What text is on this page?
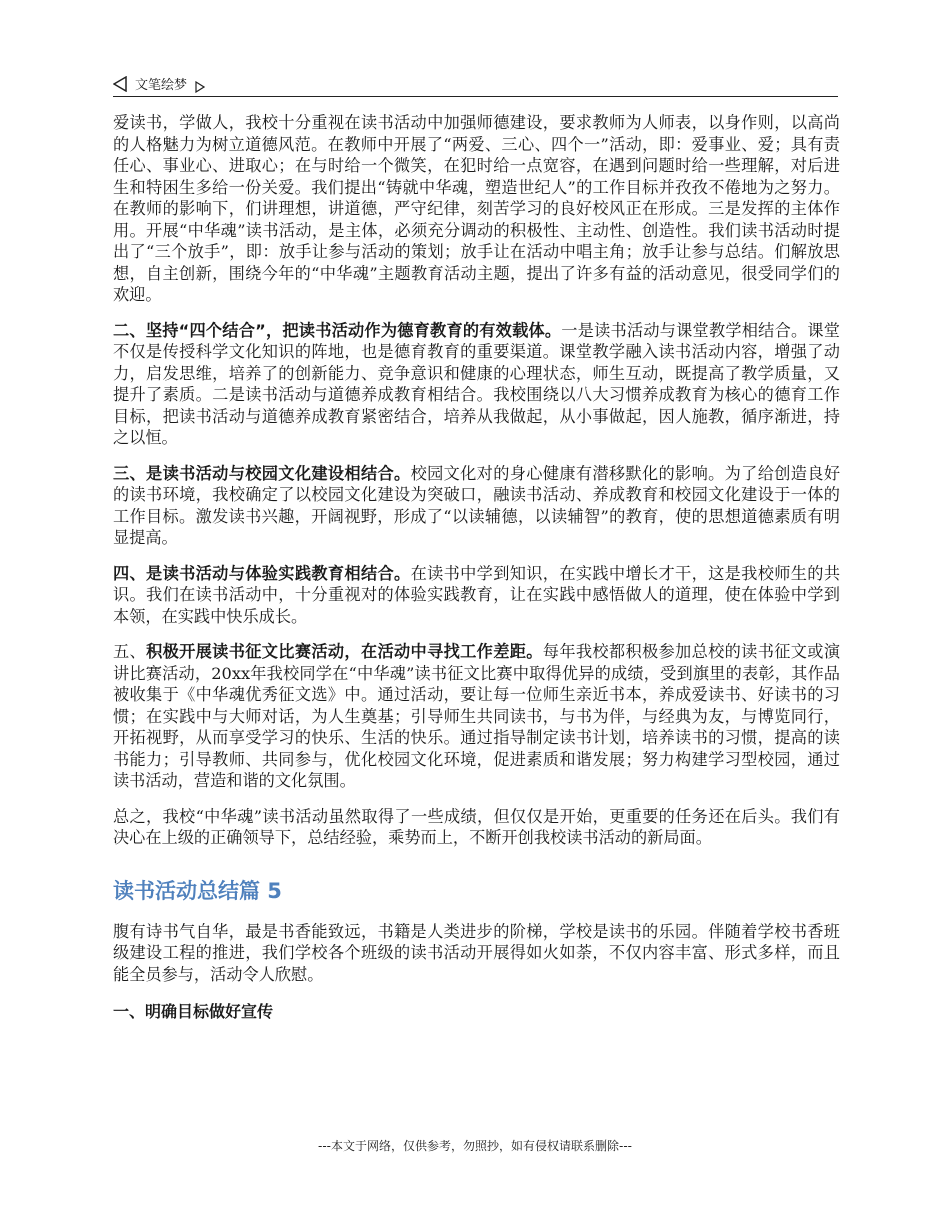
文笔绘梦

爱读书，学做人，我校十分重视在读书活动中加强师德建设，要求教师为人师表，以身作则，以高尚的人格魅力为树立道德风范。在教师中开展了“两爱、三心、四个一”活动，即：爱事业、爱；具有责任心、事业心、进取心；在与时给一个微笑，在犯时给一点宽容，在遇到问题时给一些理解，对后进生和特困生多给一份关爱。我们提出“铸就中华魂，塑造世纪人”的工作目标并孜孜不倦地为之努力。在教师的影响下，们讲理想，讲道德，严守纪律，刻苦学习的良好校风正在形成。三是发挥的主体作用。开展“中华魂”读书活动，是主体，必须充分调动的积极性、主动性、创造性。我们读书活动时提出了“三个放手”，即：放手让参与活动的策划；放手让在活动中唱主角；放手让参与总结。们解放思想，自主创新，围绕今年的“中华魂”主题教育活动主题，提出了许多有益的活动意见，很受同学们的欢迎。

二、坚持“四个结合”，把读书活动作为德育教育的有效载体。一是读书活动与课堂教学相结合。课堂不仅是传授科学文化知识的阵地，也是德育教育的重要渠道。课堂教学融入读书活动内容，增强了动力，启发思维，培养了的创新能力、竞争意识和健康的心理状态，师生互动，既提高了教学质量，又提升了素质。二是读书活动与道德养成教育相结合。我校围绕以八大习惯养成教育为核心的德育工作目标，把读书活动与道德养成教育紧密结合，培养从我做起，从小事做起，因人施教，循序渐进，持之以恒。

三、是读书活动与校园文化建设相结合。校园文化对的身心健康有潜移默化的影响。为了给创造良好的读书环境，我校确定了以校园文化建设为突破口，融读书活动、养成教育和校园文化建设于一体的工作目标。激发读书兴趣，开阔视野，形成了“以读辅德，以读辅智”的教育，使的思想道德素质有明显提高。

四、是读书活动与体验实践教育相结合。在读书中学到知识，在实践中增长才干，这是我校师生的共识。我们在读书活动中，十分重视对的体验实践教育，让在实践中感悟做人的道理，使在体验中学到本领，在实践中快乐成长。

五、积极开展读书征文比赛活动，在活动中寻找工作差距。每年我校都积极参加总校的读书征文或演讲比赛活动，20xx年我校同学在“中华魂”读书征文比赛中取得优异的成绩，受到旗里的表彰，其作品被收集于《中华魂优秀征文选》中。通过活动，要让每一位师生亲近书本，养成爱读书、好读书的习惯；在实践中与大师对话，为人生奠基；引导师生共同读书，与书为伴，与经典为友，与博览同行，开拓视野，从而享受学习的快乐、生活的快乐。通过指导制定读书计划，培养读书的习惯，提高的读书能力；引导教师、共同参与，优化校园文化环境，促进素质和谐发展；努力构建学习型校园，通过读书活动，营造和谐的文化氛围。

总之，我校“中华魂”读书活动虽然取得了一些成绩，但仅仅是开始，更重要的任务还在后头。我们有决心在上级的正确领导下，总结经验，乘势而上，不断开创我校读书活动的新局面。

读书活动总结篇 5

腹有诗书气自华，最是书香能致远，书籍是人类进步的阶梯，学校是读书的乐园。伴随着学校书香班级建设工程的推进，我们学校各个班级的读书活动开展得如火如荼，不仅内容丰富、形式多样，而且能全员参与，活动令人欣慰。

一、明确目标做好宣传

---本文于网络，仅供参考，勿照抄，如有侵权请联系删除---
